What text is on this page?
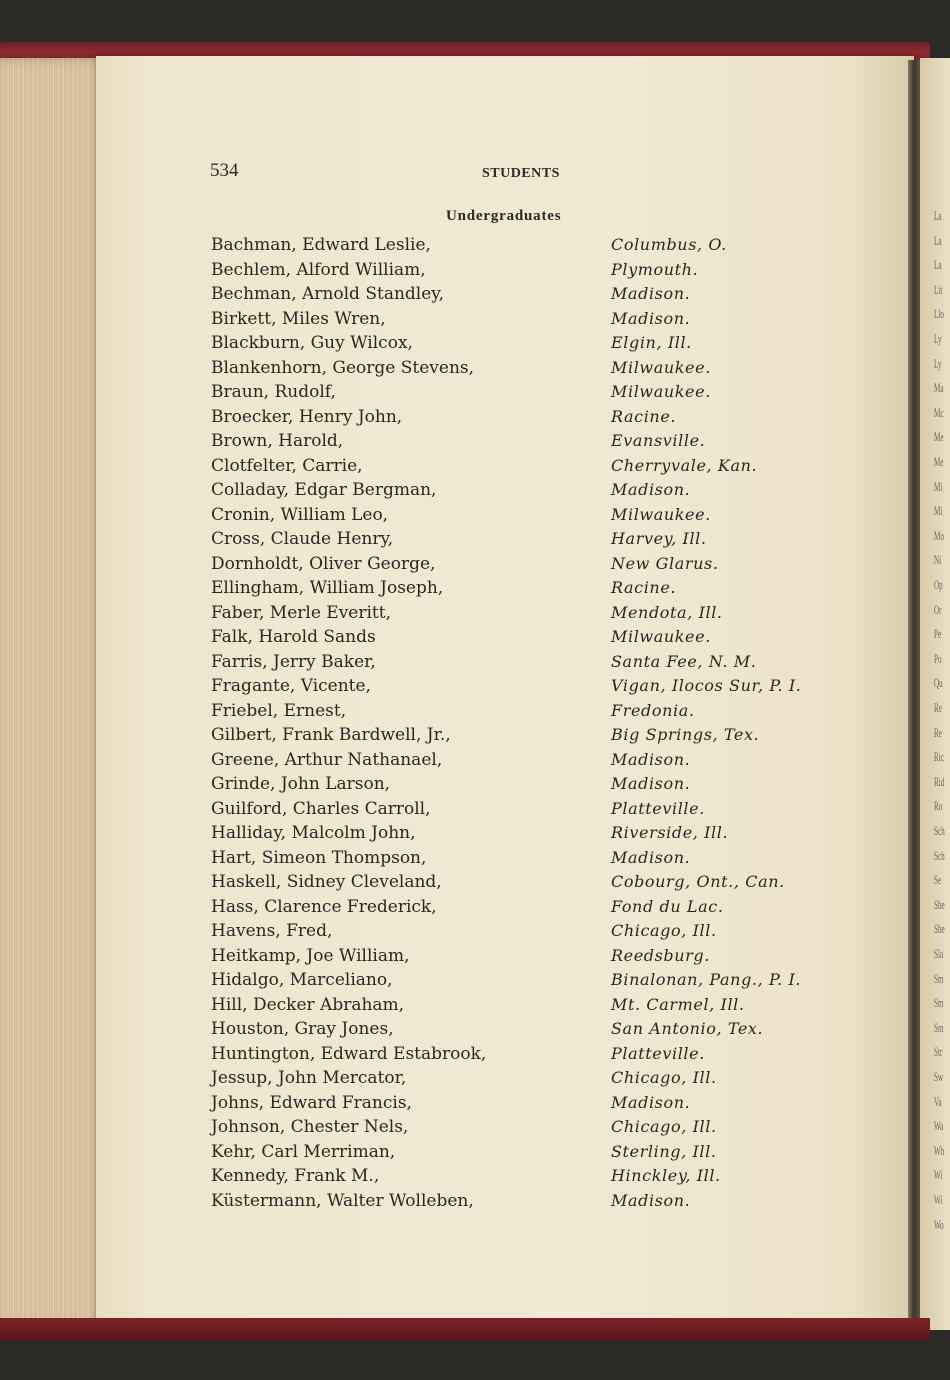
La
La
La
Lit
Llo
Ly
Ly
Ma
Mc
Me
Me
Mi
Mi
Mo
Ni
Op
Or
Pe
Po
Qu
Re
Re
Ric
Rid
Ro
Sch
Sch
Se
She
She
Sla
Sm
Sm
Sm
Str
Sw
Va
Wa
Wh
Wi
Wi
Wo
534	STUDENTS
Undergraduates
Bachman, Edward Leslie,	Columbus, O.
Bechlem, Alford William,	Plymouth.
Bechman, Arnold Standley,	Madison.
Birkett, Miles Wren,	Madison.
Blackburn, Guy Wilcox,	Elgin, Ill.
Blankenhorn, George Stevens,	Milwaukee.
Braun, Rudolf,	Milwaukee.
Broecker, Henry John,	Racine.
Brown, Harold,	Evansville.
Clotfelter, Carrie,	Cherryvale, Kan.
Colladay, Edgar Bergman,	Madison.
Cronin, William Leo,	Milwaukee.
Cross, Claude Henry,	Harvey, Ill.
Dornholdt, Oliver George,	New Glarus.
Ellingham, William Joseph,	Racine.
Faber, Merle Everitt,	Mendota, Ill.
Falk, Harold Sands	Milwaukee.
Farris, Jerry Baker,	Santa Fee, N. M.
Fragante, Vicente,	Vigan, Ilocos Sur, P. I.
Friebel, Ernest,	Fredonia.
Gilbert, Frank Bardwell, Jr.,	Big Springs, Tex.
Greene, Arthur Nathanael,	Madison.
Grinde, John Larson,	Madison.
Guilford, Charles Carroll,	Platteville.
Halliday, Malcolm John,	Riverside, Ill.
Hart, Simeon Thompson,	Madison.
Haskell, Sidney Cleveland,	Cobourg, Ont., Can.
Hass, Clarence Frederick,	Fond du Lac.
Havens, Fred,	Chicago, Ill.
Heitkamp, Joe William,	Reedsburg.
Hidalgo, Marceliano,	Binalonan, Pang., P. I.
Hill, Decker Abraham,	Mt. Carmel, Ill.
Houston, Gray Jones,	San Antonio, Tex.
Huntington, Edward Estabrook,	Platteville.
Jessup, John Mercator,	Chicago, Ill.
Johns, Edward Francis,	Madison.
Johnson, Chester Nels,	Chicago, Ill.
Kehr, Carl Merriman,	Sterling, Ill.
Kennedy, Frank M.,	Hinckley, Ill.
Küstermann, Walter Wolleben,	Madison.
